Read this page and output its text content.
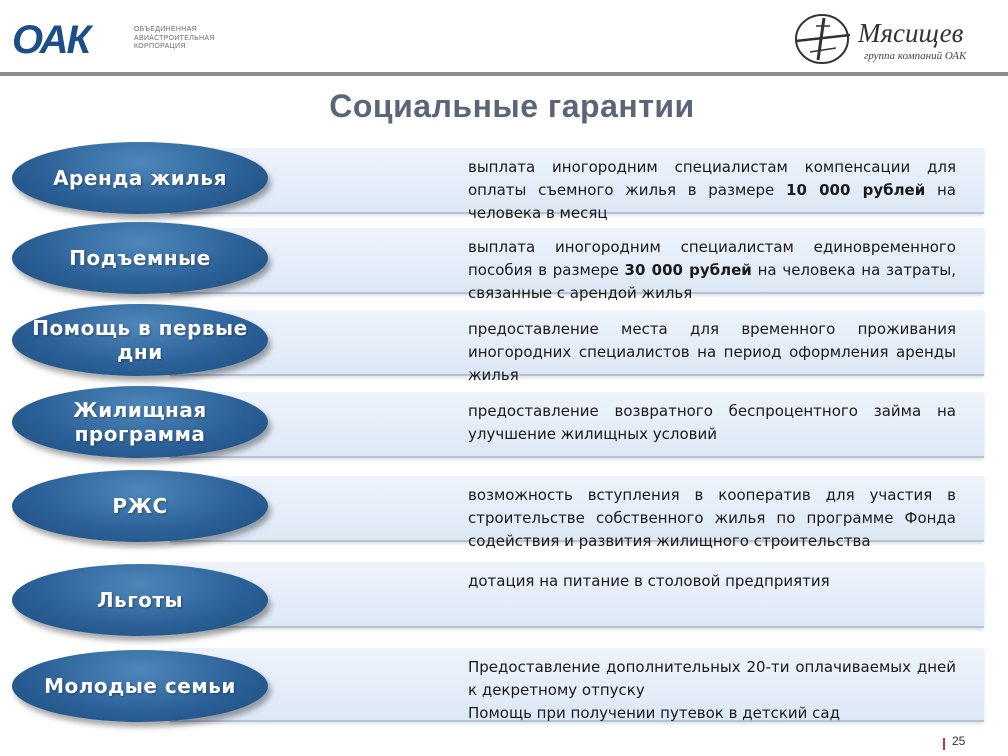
ОАК	ОБЪЕДИНЕННАЯ
АВИАСТРОИТЕЛЬНАЯ
КОРПОРАЦИЯ	Мясищев
группа компаний ОАК
Социальные гарантии
выплата иногородним специалистам компенсации для оплаты съемного жилья в размере 10 000 рублей на человека в месяц
Аренда жилья
выплата иногородним специалистам единовременного пособия в размере 30 000 рублей на человека на затраты, связанные с арендой жилья
Подъемные
предоставление места для временного проживания иногородних специалистов на период оформления аренды жилья
Помощь в первые дни
предоставление возвратного беспроцентного займа на улучшение жилищных условий
Жилищная программа
возможность вступления в кооператив для участия в строительстве собственного жилья по программе Фонда содействия и развития жилищного строительства
РЖС
дотация на питание в столовой предприятия
Льготы
Предоставление дополнительных 20-ти оплачиваемых дней к декретному отпуску
Помощь при получении путевок в детский сад
Молодые семьи
25
